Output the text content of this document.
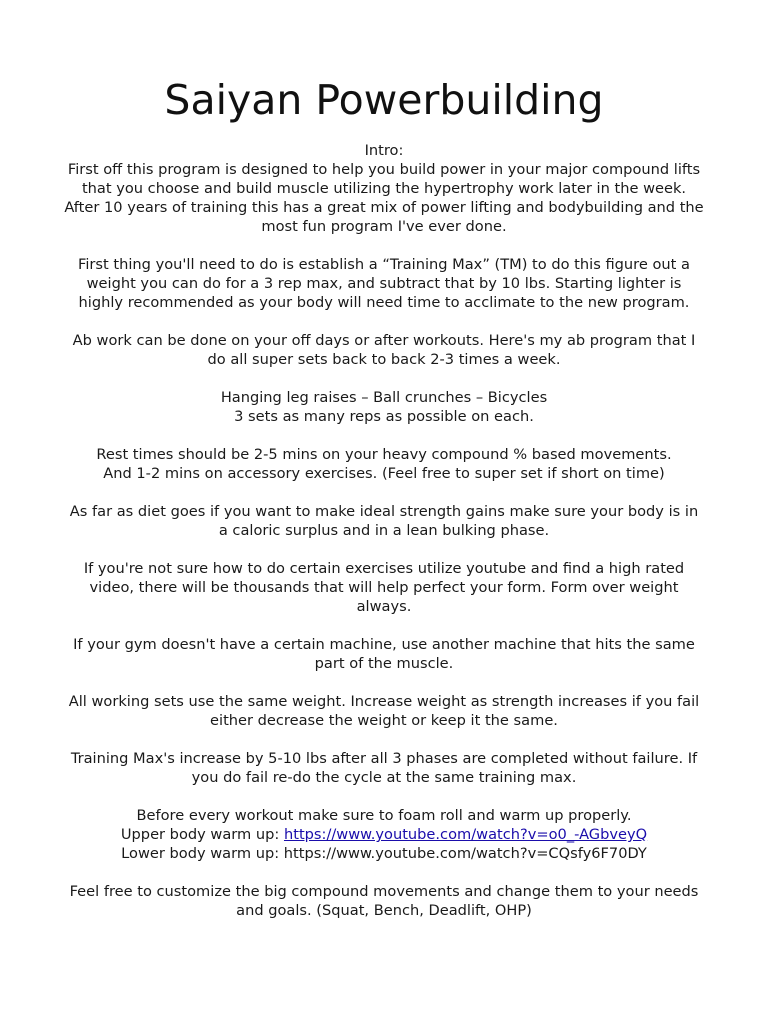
Saiyan Powerbuilding

Intro:
First off this program is designed to help you build power in your major compound lifts that you choose and build muscle utilizing the hypertrophy work later in the week. After 10 years of training this has a great mix of power lifting and bodybuilding and the most fun program I've ever done.

First thing you'll need to do is establish a “Training Max” (TM) to do this figure out a weight you can do for a 3 rep max, and subtract that by 10 lbs. Starting lighter is highly recommended as your body will need time to acclimate to the new program.

Ab work can be done on your off days or after workouts. Here's my ab program that I do all super sets back to back 2-3 times a week.

Hanging leg raises – Ball crunches – Bicycles
3 sets as many reps as possible on each.

Rest times should be 2-5 mins on your heavy compound % based movements.
And 1-2 mins on accessory exercises. (Feel free to super set if short on time)

As far as diet goes if you want to make ideal strength gains make sure your body is in a caloric surplus and in a lean bulking phase.

If you're not sure how to do certain exercises utilize youtube and find a high rated video, there will be thousands that will help perfect your form. Form over weight always.

If your gym doesn't have a certain machine, use another machine that hits the same part of the muscle.

All working sets use the same weight. Increase weight as strength increases if you fail either decrease the weight or keep it the same.

Training Max's increase by 5-10 lbs after all 3 phases are completed without failure. If you do fail re-do the cycle at the same training max.

Before every workout make sure to foam roll and warm up properly.
Upper body warm up: https://www.youtube.com/watch?v=o0_-AGbveyQ
Lower body warm up: https://www.youtube.com/watch?v=CQsfy6F70DY

Feel free to customize the big compound movements and change them to your needs and goals. (Squat, Bench, Deadlift, OHP)
